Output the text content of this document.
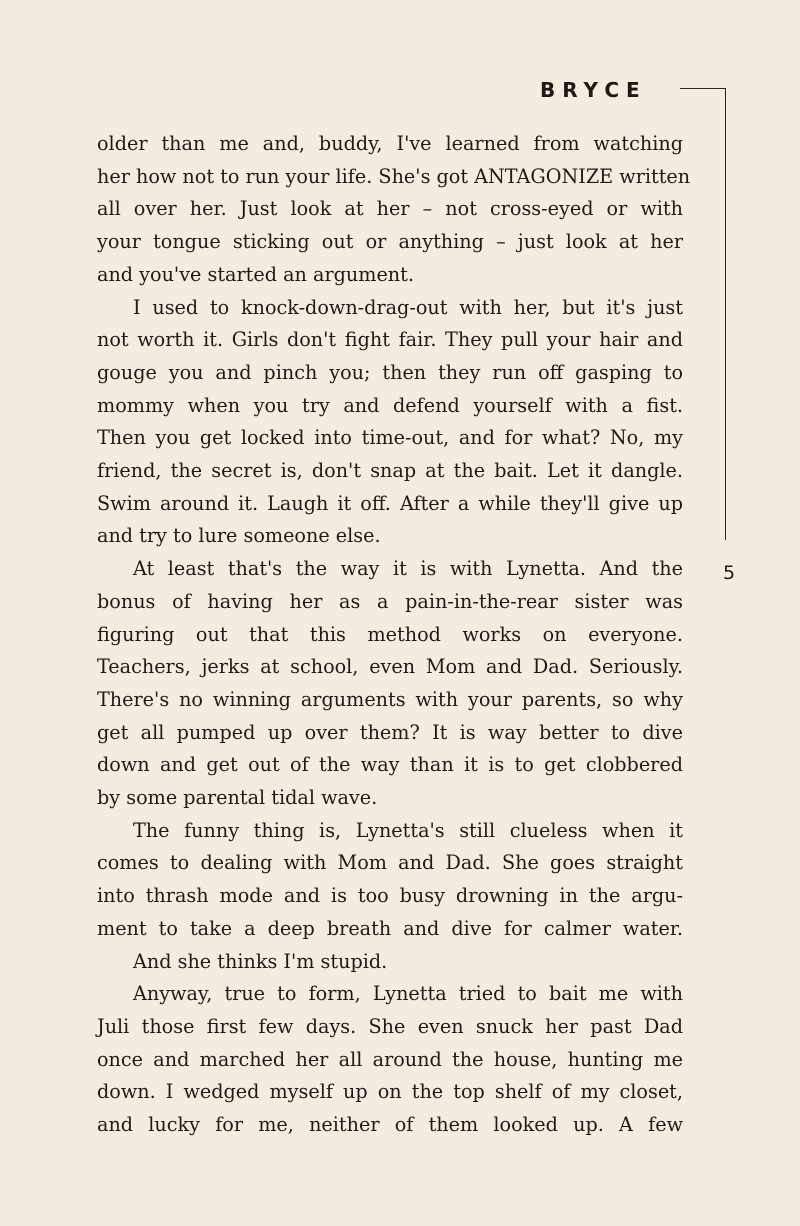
BRYCE
5
older than me and, buddy, I've learned from watching
her how not to run your life. She's got ANTAGONIZE written
all over her. Just look at her – not cross-eyed or with
your tongue sticking out or anything – just look at her
and you've started an argument.
I used to knock-down-drag-out with her, but it's just
not worth it. Girls don't fight fair. They pull your hair and
gouge you and pinch you; then they run off gasping to
mommy when you try and defend yourself with a fist.
Then you get locked into time-out, and for what? No, my
friend, the secret is, don't snap at the bait. Let it dangle.
Swim around it. Laugh it off. After a while they'll give up
and try to lure someone else.
At least that's the way it is with Lynetta. And the
bonus of having her as a pain-in-the-rear sister was
figuring out that this method works on everyone.
Teachers, jerks at school, even Mom and Dad. Seriously.
There's no winning arguments with your parents, so why
get all pumped up over them? It is way better to dive
down and get out of the way than it is to get clobbered
by some parental tidal wave.
The funny thing is, Lynetta's still clueless when it
comes to dealing with Mom and Dad. She goes straight
into thrash mode and is too busy drowning in the argu-
ment to take a deep breath and dive for calmer water.
And she thinks I'm stupid.
Anyway, true to form, Lynetta tried to bait me with
Juli those first few days. She even snuck her past Dad
once and marched her all around the house, hunting me
down. I wedged myself up on the top shelf of my closet,
and lucky for me, neither of them looked up. A few
